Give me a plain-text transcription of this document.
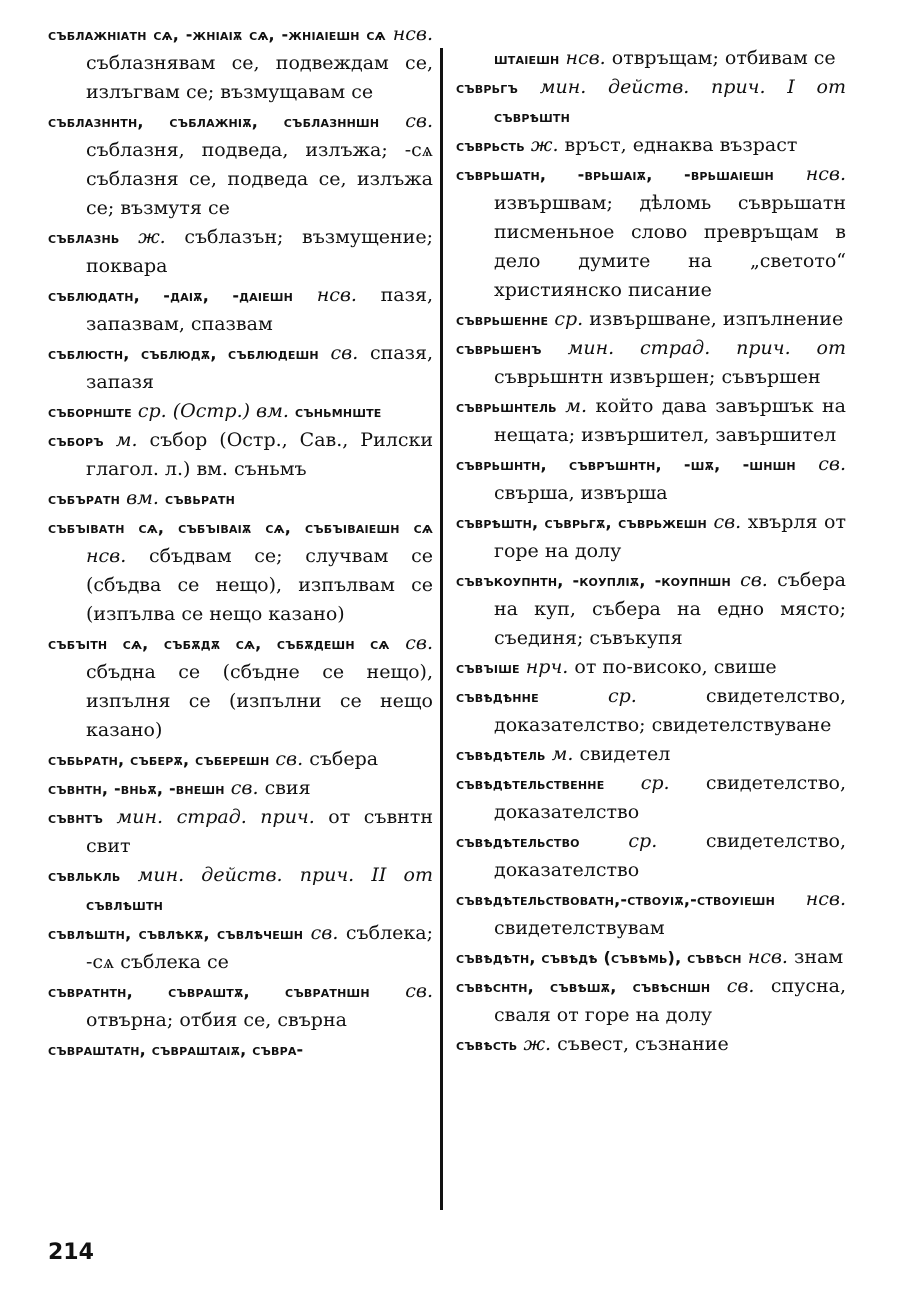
съблажнıатн сѧ, -жнıаıѫ сѧ, -жнıаıешн сѧ нсв. съблазнявам се, подвеждам се, излъгвам се; възмущавам се

съблазннтн, съблажнıѫ, съблазнншн св. съблазня, подведа, излъжа; -сѧ съблазня се, подведа се, излъжа се; възмутя се

съблазнь ж. съблазън; възмущение; поквара

съблюдатн, -даıѫ, -даıешн нсв. пазя, запазвам, спазвам

съблюстн, съблюдѫ, съблюдешн св. спазя, запазя

съборнште ср. (Остр.) вм. съньмнште

съборъ м. събор (Остр., Сав., Рилски глагол. л.) вм. съньмъ

събъратн вм. съвьратн

събъıватн сѧ, събъıваıѫ сѧ, събъıваıешн сѧ нсв. сбъдвам се; случвам се (сбъдва се нещо), изпълвам се (изпълва се нещо казано)

събъıтн сѧ, събѫдѫ сѧ, събѫдешн сѧ св. сбъдна се (сбъдне се нещо), изпълня се (изпълни се нещо казано)

събьратн, съберѫ, съберешн св. събера

съвнтн, -вньѫ, -внешн св. свия

съвнтъ мин. страд. прич. от съвнтн свит

съвлькль мин. действ. прич. II от съвлѣштн

съвлѣштн, съвлѣкѫ, съвлѣчешн св. съблека; -сѧ съблека се

съвратнтн, съвраштѫ, съвратншн св. отвърна; отбия се, свърна

съвраштатн, съвраштаıѫ, съвра-

штаıешн нсв. отвръщам; отбивам се

съврьгъ мин. действ. прич. I от съврѣштн

съврьсть ж. връст, еднаква възраст

съврьшатн, -врьшаıѫ, -врьшаıешн нсв. извършвам; дѣломь съврьшатн писменьное слово превръщам в дело думите на „светото“ християнско писание

съврьшенне ср. извършване, изпълнение

съврьшенъ мин. страд. прич. от съврьшнтн извършен; съвършен

съврьшнтель м. който дава завършък на нещата; извършител, завършител

съврьшнтн, съвръшнтн, -шѫ, -шншн св. свърша, извърша

съврѣштн, съврьгѫ, съврьжешн св. хвърля от горе на долу

съвъкоупнтн, -коуплıѫ, -коупншн св. събера на куп, събера на едно място; съединя; съвъкупя

съвъıше нрч. от по-високо, свише

съвѣдѣнне	ср.	свидетелство, доказателство; свидетелствуване

съвѣдѣтель м. свидетел

съвѣдѣтельственне ср. свидетелство, доказателство

съвѣдѣтельство	ср.	свидетелство, доказателство

съвѣдѣтельствоватн,-ствоуıѫ,-ствоуıешн нсв. свидетелствувам

съвѣдѣтн, съвѣдѣ (съвѣмь), съвѣсн нсв. знам

съвѣснтн, съвѣшѫ, съвѣсншн св. спусна, сваля от горе на долу

съвѣсть ж. съвест, съзнание

214
